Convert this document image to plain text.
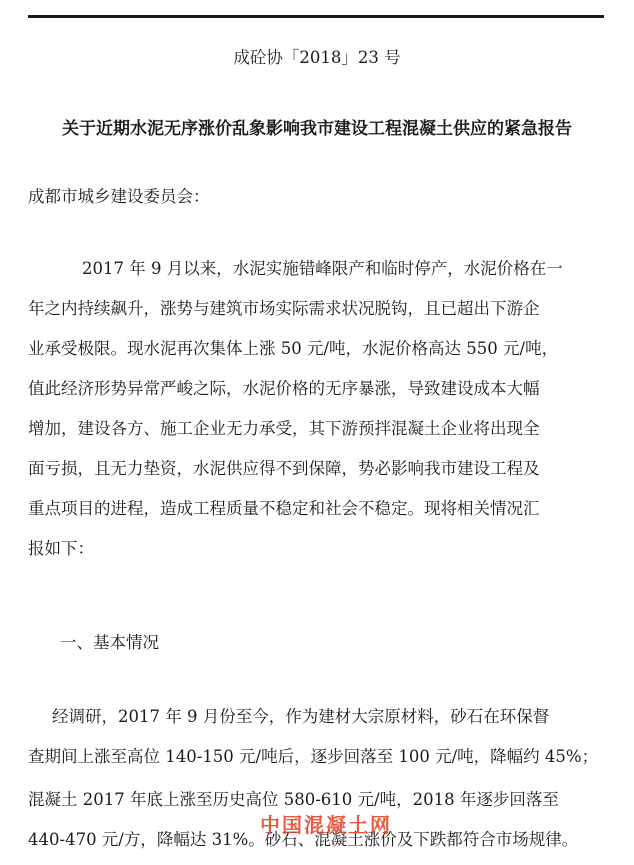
成砼协「2018」23 号
关于近期水泥无序涨价乱象影响我市建设工程混凝土供应的紧急报告
成都市城乡建设委员会：
2017 年 9 月以来，水泥实施错峰限产和临时停产，水泥价格在一
年之内持续飙升，涨势与建筑市场实际需求状况脱钩，且已超出下游企
业承受极限。现水泥再次集体上涨 50 元/吨，水泥价格高达 550 元/吨，
值此经济形势异常严峻之际，水泥价格的无序暴涨，导致建设成本大幅
增加，建设各方、施工企业无力承受，其下游预拌混凝土企业将出现全
面亏损，且无力垫资，水泥供应得不到保障，势必影响我市建设工程及
重点项目的进程，造成工程质量不稳定和社会不稳定。现将相关情况汇
报如下：
一、基本情况
经调研，2017 年 9 月份至今，作为建材大宗原材料，砂石在环保督
查期间上涨至高位 140-150 元/吨后，逐步回落至 100 元/吨，降幅约 45%；
混凝土 2017 年底上涨至历史高位 580-610 元/吨，2018 年逐步回落至
440-470 元/方，降幅达 31%。砂石、混凝土涨价及下跌都符合市场规律。
中国混凝土网
